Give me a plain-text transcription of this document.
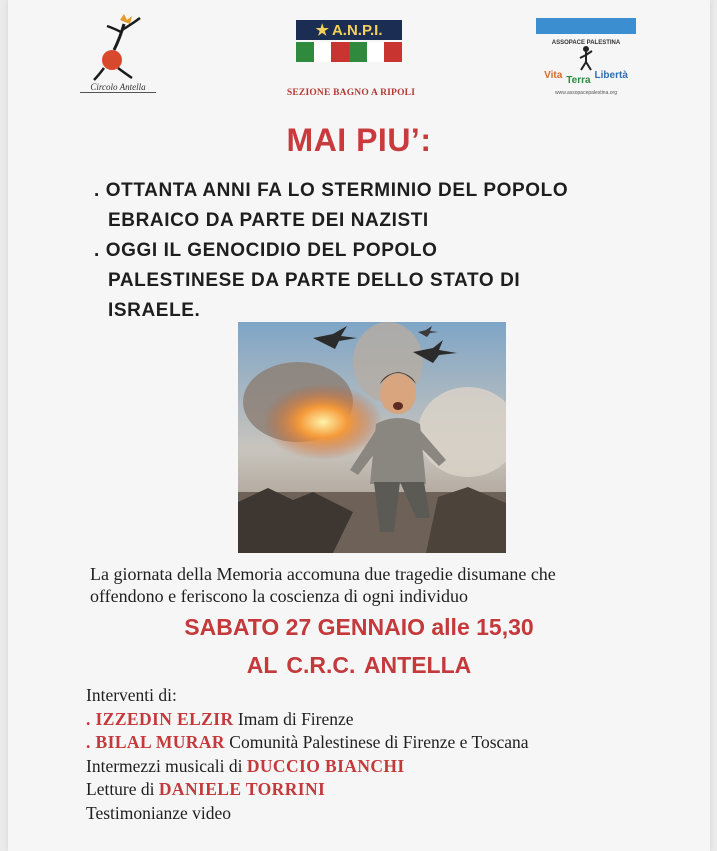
Circolo Antella
★ A.N.P.I.
SEZIONE BAGNO A RIPOLI
ASSOPACE PALESTINA
Vita Terra Libertà
www.assopacepalestina.org
MAI PIU’:
. OTTANTA ANNI FA LO STERMINIO DEL POPOLO
EBRAICO DA PARTE DEI NAZISTI
. OGGI IL GENOCIDIO DEL POPOLO
PALESTINESE DA PARTE DELLO STATO DI
ISRAELE.
La giornata della Memoria accomuna due tragedie disumane che
offendono e feriscono la coscienza di ogni individuo
SABATO 27 GENNAIO alle 15,30
AL C.R.C. ANTELLA
Interventi di:
. IZZEDIN ELZIR Imam di Firenze
. BILAL MURAR Comunità Palestinese di Firenze e Toscana
Intermezzi musicali di DUCCIO BIANCHI
Letture di DANIELE TORRINI
Testimonianze video
